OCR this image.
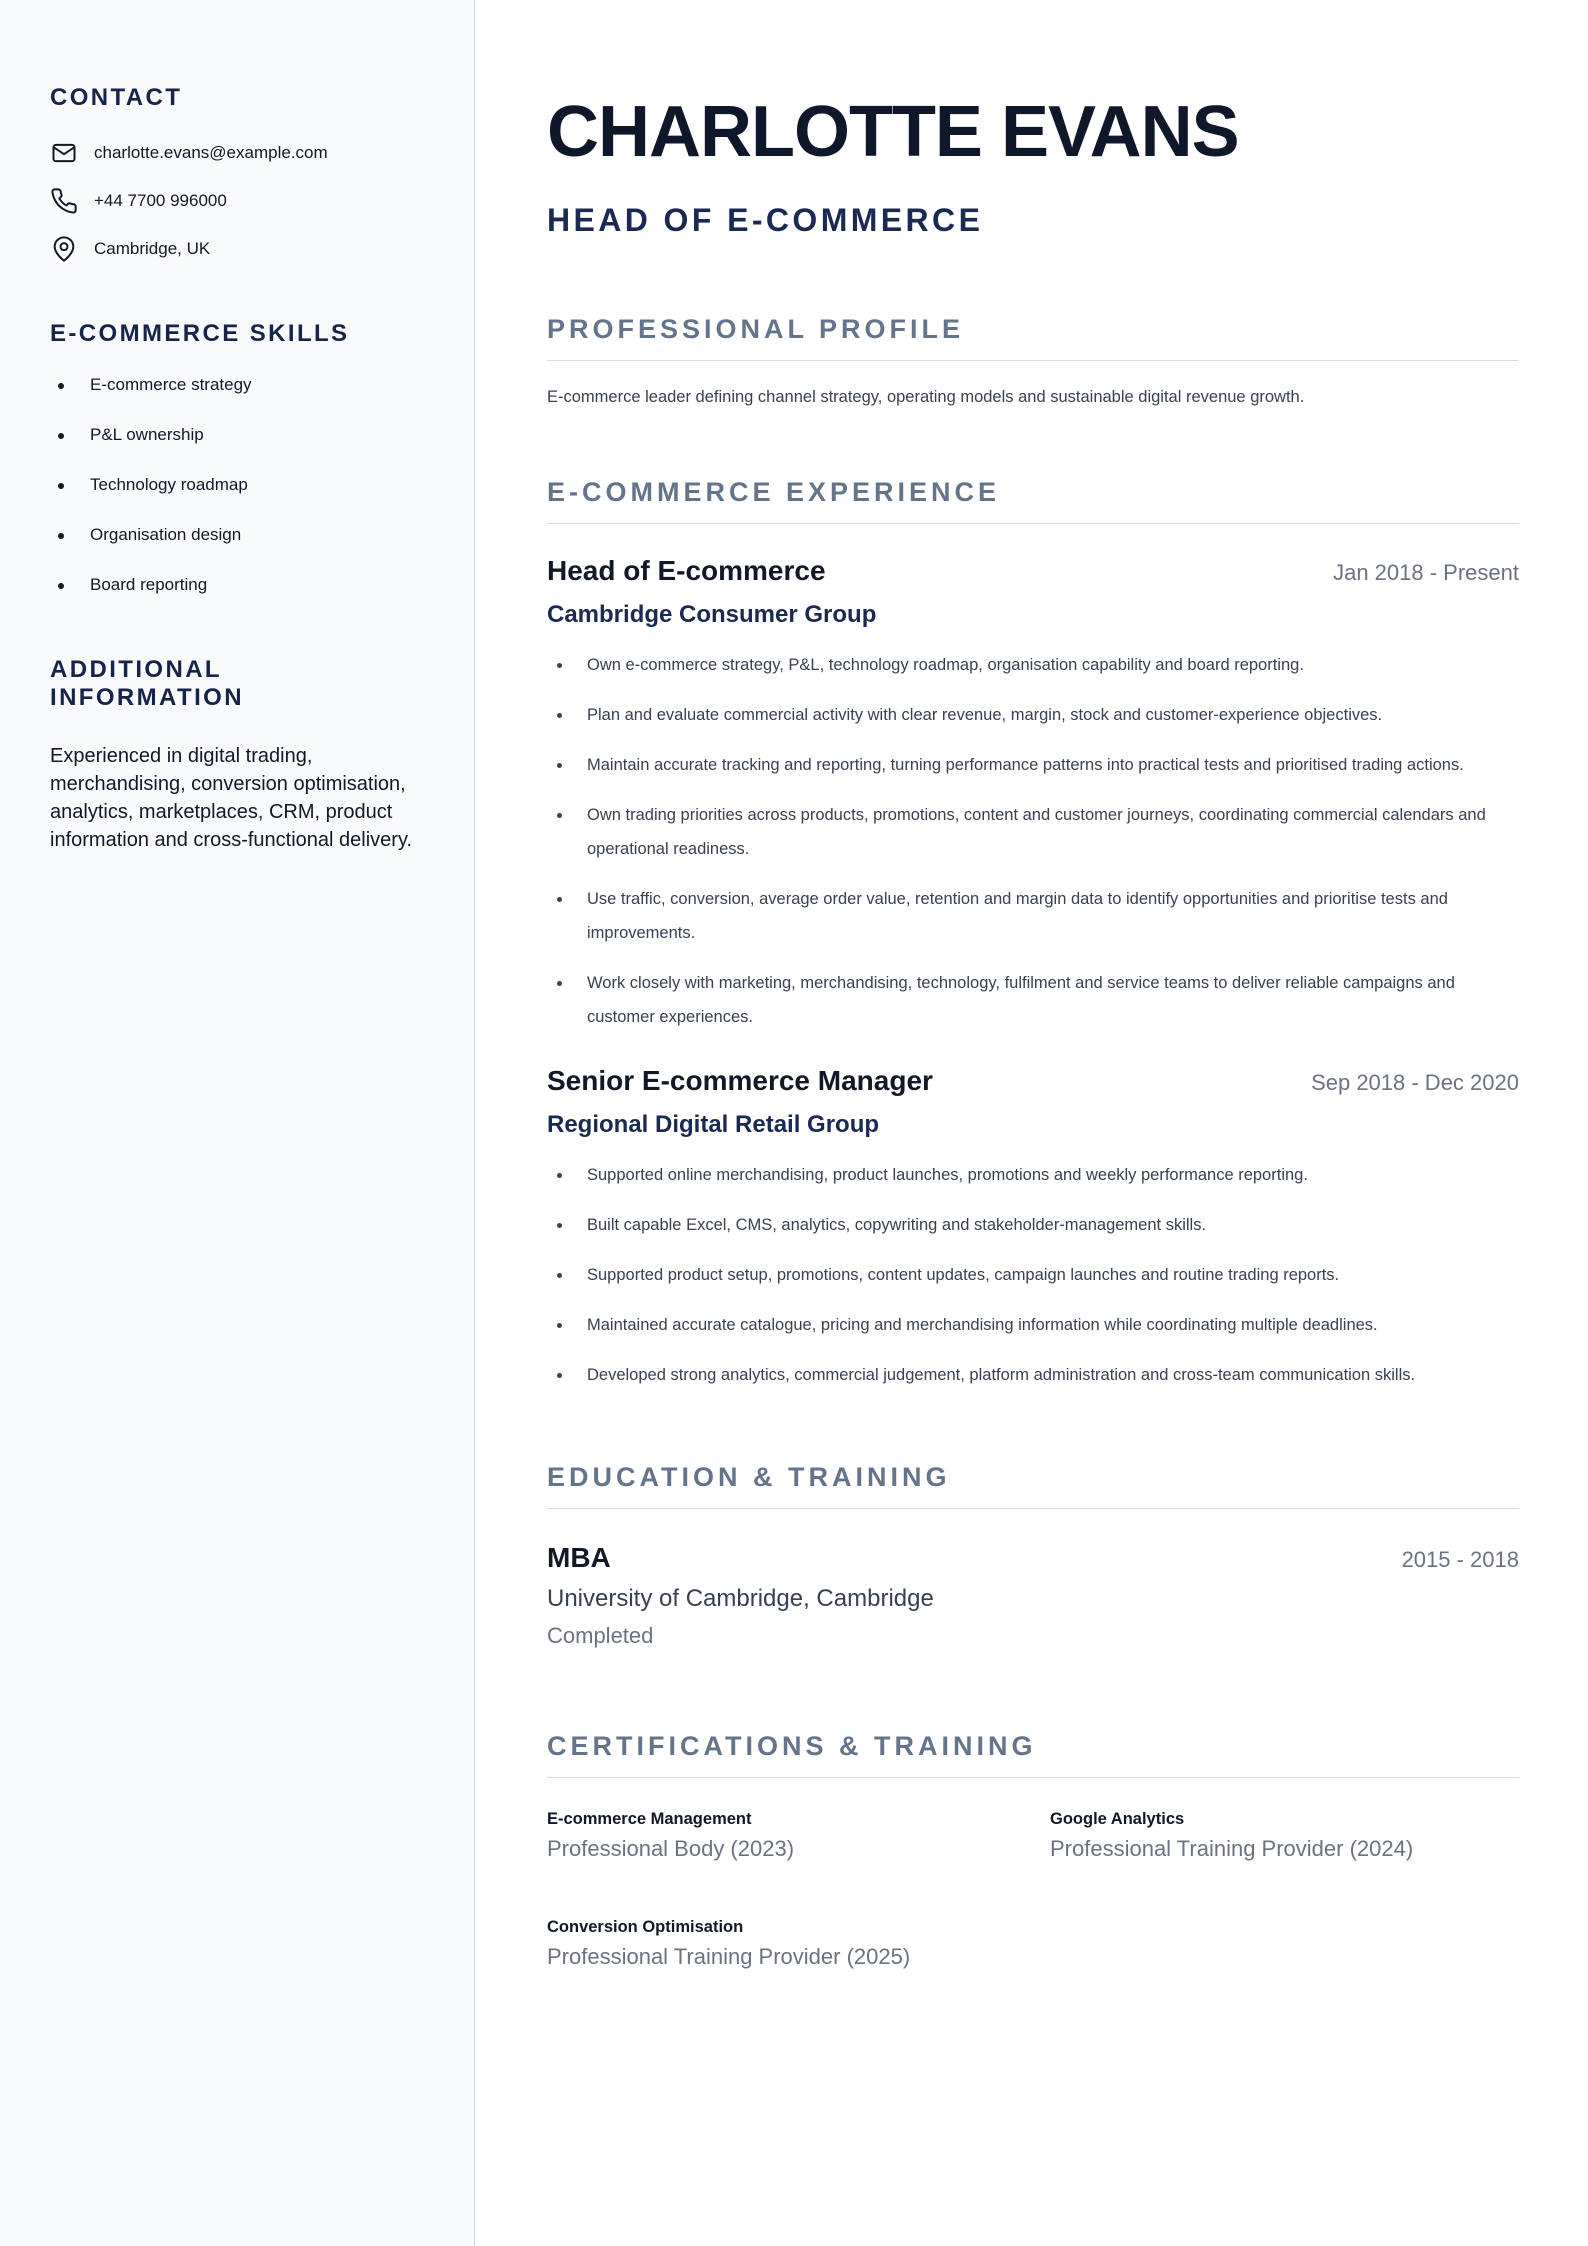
CONTACT
charlotte.evans@example.com
+44 7700 996000
Cambridge, UK
E-COMMERCE SKILLS
E-commerce strategy
P&L ownership
Technology roadmap
Organisation design
Board reporting
ADDITIONAL INFORMATION

Experienced in digital trading, merchandising, conversion optimisation, analytics, marketplaces, CRM, product information and cross-functional delivery.

CHARLOTTE EVANS
HEAD OF E-COMMERCE
PROFESSIONAL PROFILE

E-commerce leader defining channel strategy, operating models and sustainable digital revenue growth.

E-COMMERCE EXPERIENCE
Head of E-commerce	Jan 2018 - Present
Cambridge Consumer Group
Own e-commerce strategy, P&L, technology roadmap, organisation capability and board reporting.
Plan and evaluate commercial activity with clear revenue, margin, stock and customer-experience objectives.
Maintain accurate tracking and reporting, turning performance patterns into practical tests and prioritised trading actions.
Own trading priorities across products, promotions, content and customer journeys, coordinating commercial calendars and operational readiness.
Use traffic, conversion, average order value, retention and margin data to identify opportunities and prioritise tests and improvements.
Work closely with marketing, merchandising, technology, fulfilment and service teams to deliver reliable campaigns and customer experiences.
Senior E-commerce Manager	Sep 2018 - Dec 2020
Regional Digital Retail Group
Supported online merchandising, product launches, promotions and weekly performance reporting.
Built capable Excel, CMS, analytics, copywriting and stakeholder-management skills.
Supported product setup, promotions, content updates, campaign launches and routine trading reports.
Maintained accurate catalogue, pricing and merchandising information while coordinating multiple deadlines.
Developed strong analytics, commercial judgement, platform administration and cross-team communication skills.
EDUCATION & TRAINING
MBA	2015 - 2018
University of Cambridge, Cambridge
Completed
CERTIFICATIONS & TRAINING
E-commerce Management
Professional Body (2023)
Google Analytics
Professional Training Provider (2024)
Conversion Optimisation
Professional Training Provider (2025)
